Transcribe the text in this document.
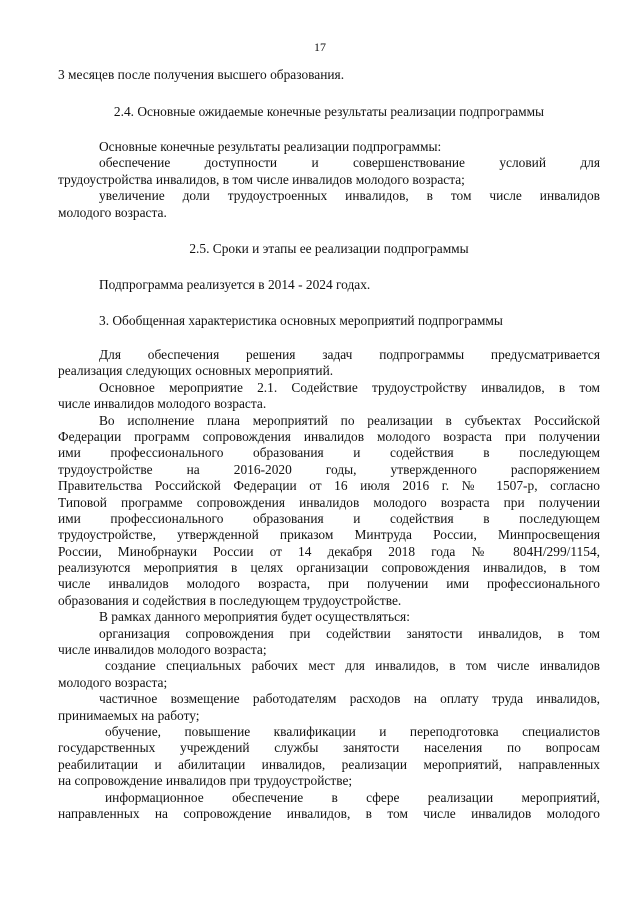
17
3 месяцев после получения высшего образования.
2.4. Основные ожидаемые конечные результаты реализации подпрограммы
Основные конечные результаты реализации подпрограммы:
обеспечение доступности и совершенствование условий для
трудоустройства инвалидов, в том числе инвалидов молодого возраста;
увеличение доли трудоустроенных инвалидов, в том числе инвалидов
молодого возраста.
2.5. Сроки и этапы ее реализации подпрограммы
Подпрограмма реализуется в 2014 - 2024 годах.
3. Обобщенная характеристика основных мероприятий подпрограммы
Для обеспечения решения задач подпрограммы предусматривается
реализация следующих основных мероприятий.
Основное мероприятие 2.1. Содействие трудоустройству инвалидов, в том
числе инвалидов молодого возраста.
Во исполнение плана мероприятий по реализации в субъектах Российской
Федерации программ сопровождения инвалидов молодого возраста при получении
ими профессионального образования и содействия в последующем
трудоустройстве на 2016-2020 годы, утвержденного распоряжением
Правительства Российской Федерации от 16 июля 2016 г. № 1507-р, согласно
Типовой программе сопровождения инвалидов молодого возраста при получении
ими профессионального образования и содействия в последующем
трудоустройстве, утвержденной приказом Минтруда России, Минпросвещения
России, Минобрнауки России от 14 декабря 2018 года № 804Н/299/1154,
реализуются мероприятия в целях организации сопровождения инвалидов, в том
числе инвалидов молодого возраста, при получении ими профессионального
образования и содействия в последующем трудоустройстве.
В рамках данного мероприятия будет осуществляться:
организация сопровождения при содействии занятости инвалидов, в том
числе инвалидов молодого возраста;
создание специальных рабочих мест для инвалидов, в том числе инвалидов
молодого возраста;
частичное возмещение работодателям расходов на оплату труда инвалидов,
принимаемых на работу;
обучение, повышение квалификации и переподготовка специалистов
государственных учреждений службы занятости населения по вопросам
реабилитации и абилитации инвалидов, реализации мероприятий, направленных
на сопровождение инвалидов при трудоустройстве;
информационное обеспечение в сфере реализации мероприятий,
направленных на сопровождение инвалидов, в том числе инвалидов молодого
